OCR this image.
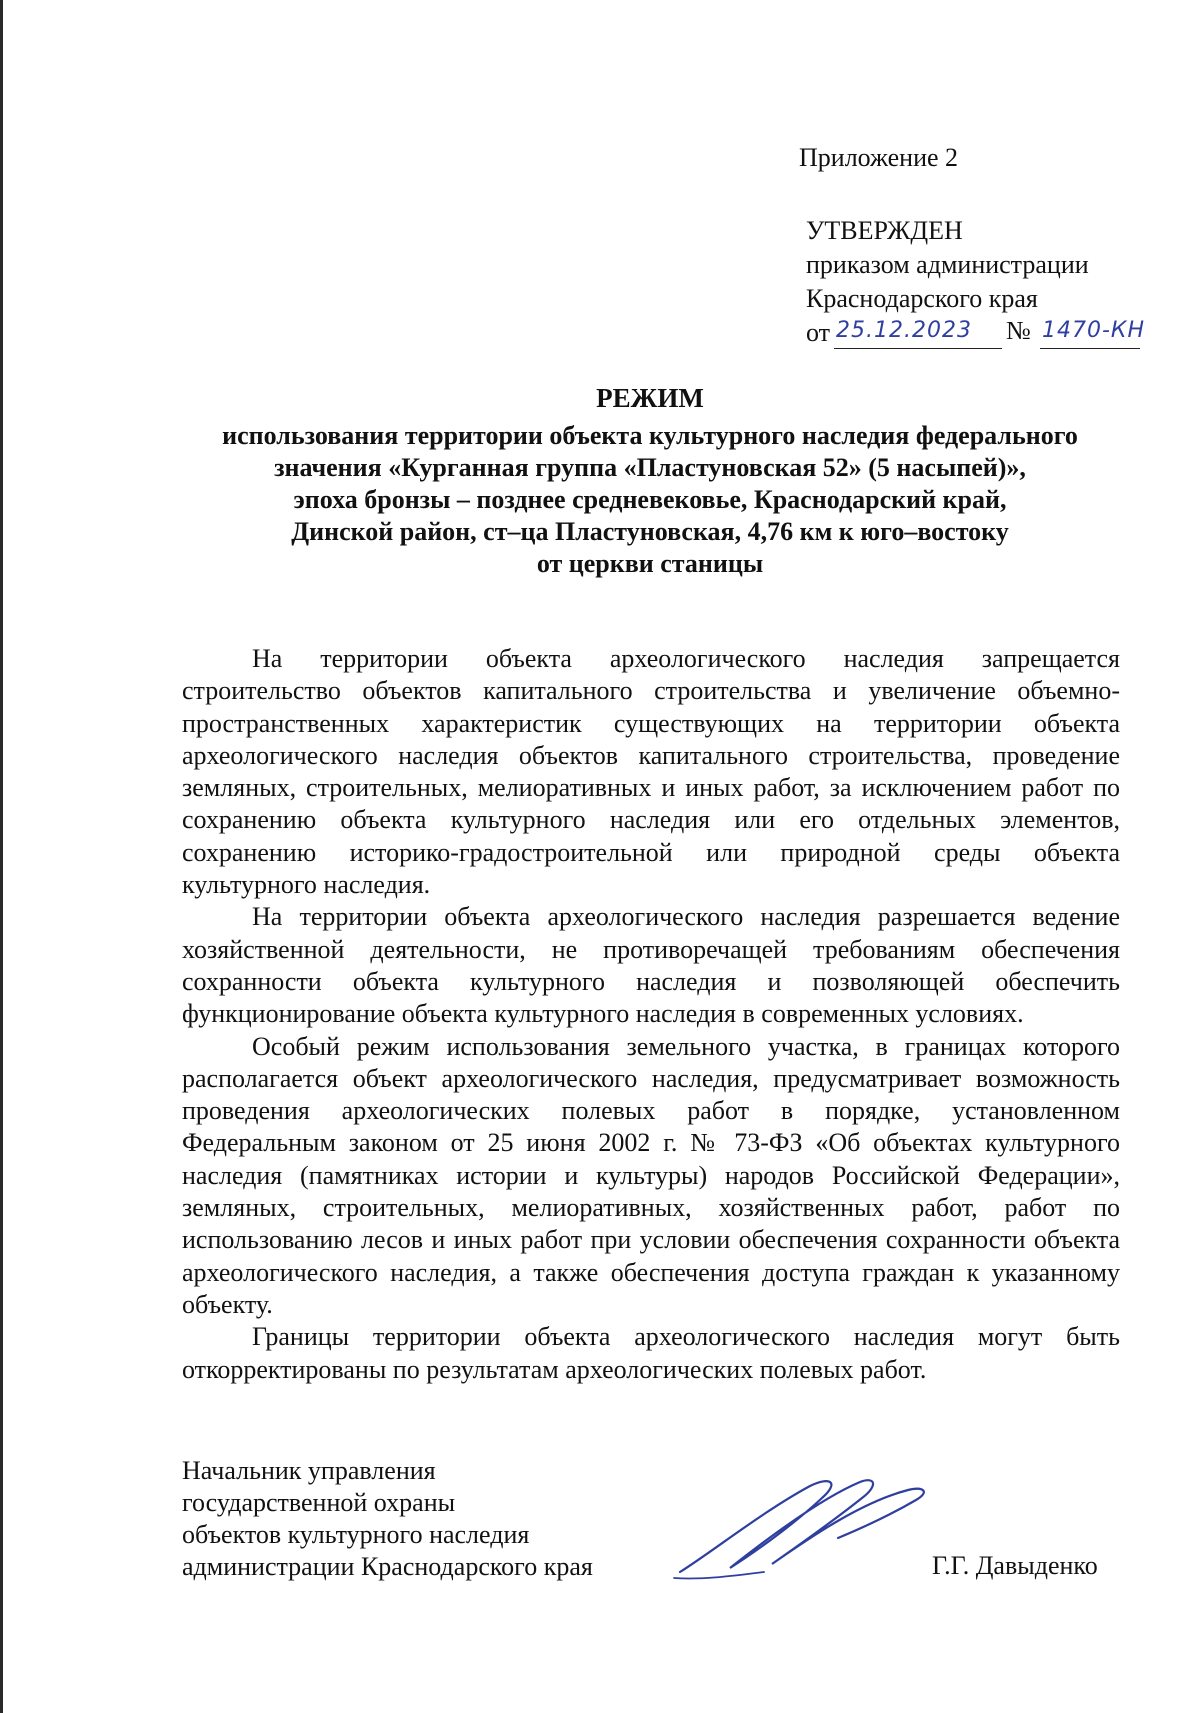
Приложение 2
УТВЕРЖДЕН
приказом администрации
Краснодарского края
от 25.12.2023 № 1470-КН
РЕЖИМ
использования территории объекта культурного наследия федерального
значения «Курганная группа «Пластуновская 52» (5 насыпей)»,
эпоха бронзы – позднее средневековье, Краснодарский край,
Динской район, ст–ца Пластуновская, 4,76 км к юго–востоку
от церкви станицы

На территории объекта археологического наследия запрещается строительство объектов капитального строительства и увеличение объемно-пространственных характеристик существующих на территории объекта археологического наследия объектов капитального строительства, проведение земляных, строительных, мелиоративных и иных работ, за исключением работ по сохранению объекта культурного наследия или его отдельных элементов, сохранению историко-градостроительной или природной среды объекта культурного наследия.

На территории объекта археологического наследия разрешается ведение хозяйственной деятельности, не противоречащей требованиям обеспечения сохранности объекта культурного наследия и позволяющей обеспечить функционирование объекта культурного наследия в современных условиях.

Особый режим использования земельного участка, в границах которого располагается объект археологического наследия, предусматривает возможность проведения археологических полевых работ в порядке, установленном Федеральным законом от 25 июня 2002 г. № 73-ФЗ «Об объектах культурного наследия (памятниках истории и культуры) народов Российской Федерации», земляных, строительных, мелиоративных, хозяйственных работ, работ по использованию лесов и иных работ при условии обеспечения сохранности объекта археологического наследия, а также обеспечения доступа граждан к указанному объекту.

Границы территории объекта археологического наследия могут быть откорректированы по результатам археологических полевых работ.

Начальник управления
государственной охраны
объектов культурного наследия
администрации Краснодарского края	Г.Г. Давыденко
